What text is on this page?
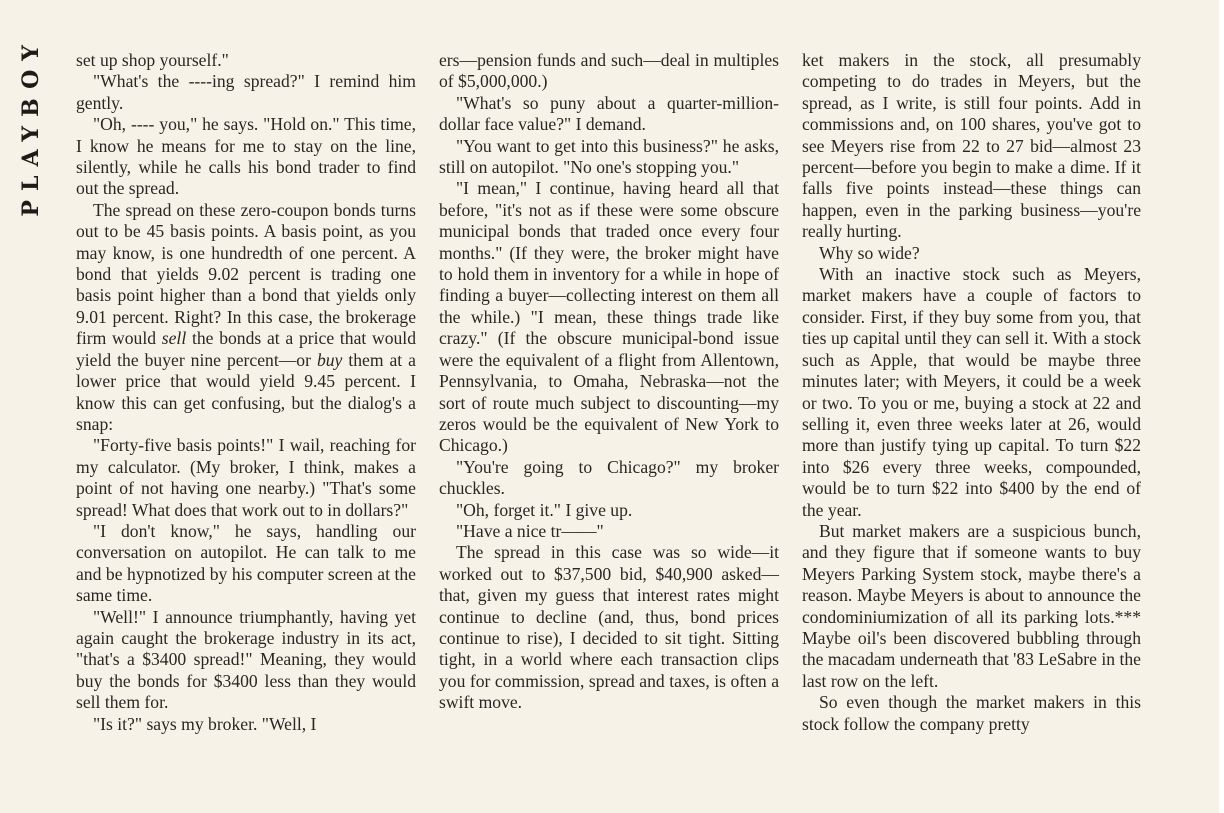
PLAYBOY set up shop yourself."

"What's the ----ing spread?" I remind him gently.

"Oh, ---- you," he says. "Hold on." This time, I know he means for me to stay on the line, silently, while he calls his bond trader to find out the spread.

The spread on these zero-coupon bonds turns out to be 45 basis points. A basis point, as you may know, is one hundredth of one percent. A bond that yields 9.02 percent is trading one basis point higher than a bond that yields only 9.01 percent. Right? In this case, the brokerage firm would sell the bonds at a price that would yield the buyer nine percent—or buy them at a lower price that would yield 9.45 percent. I know this can get confusing, but the dialog's a snap:

"Forty-five basis points!" I wail, reaching for my calculator. (My broker, I think, makes a point of not having one nearby.) "That's some spread! What does that work out to in dollars?"

"I don't know," he says, handling our conversation on autopilot. He can talk to me and be hypnotized by his computer screen at the same time.

"Well!" I announce triumphantly, having yet again caught the brokerage industry in its act, "that's a $3400 spread!" Meaning, they would buy the bonds for $3400 less than they would sell them for.

"Is it?" says my broker. "Well, I

ers—pension funds and such—deal in multiples of $5,000,000.)

"What's so puny about a quarter-million-dollar face value?" I demand.

"You want to get into this business?" he asks, still on autopilot. "No one's stopping you."

"I mean," I continue, having heard all that before, "it's not as if these were some obscure municipal bonds that traded once every four months." (If they were, the broker might have to hold them in inventory for a while in hope of finding a buyer—collecting interest on them all the while.) "I mean, these things trade like crazy." (If the obscure municipal-bond issue were the equivalent of a flight from Allentown, Pennsylvania, to Omaha, Nebraska—not the sort of route much subject to discounting—my zeros would be the equivalent of New York to Chicago.)

"You're going to Chicago?" my broker chuckles.

"Oh, forget it." I give up.

"Have a nice tr——"

The spread in this case was so wide—it worked out to $37,500 bid, $40,900 asked—that, given my guess that interest rates might continue to decline (and, thus, bond prices continue to rise), I decided to sit tight. Sitting tight, in a world where each transaction clips you for commission, spread and taxes, is often a swift move.

ket makers in the stock, all presumably competing to do trades in Meyers, but the spread, as I write, is still four points. Add in commissions and, on 100 shares, you've got to see Meyers rise from 22 to 27 bid—almost 23 percent—before you begin to make a dime. If it falls five points instead—these things can happen, even in the parking business—you're really hurting.

Why so wide?

With an inactive stock such as Meyers, market makers have a couple of factors to consider. First, if they buy some from you, that ties up capital until they can sell it. With a stock such as Apple, that would be maybe three minutes later; with Meyers, it could be a week or two. To you or me, buying a stock at 22 and selling it, even three weeks later at 26, would more than justify tying up capital. To turn $22 into $26 every three weeks, compounded, would be to turn $22 into $400 by the end of the year.

But market makers are a suspicious bunch, and they figure that if someone wants to buy Meyers Parking System stock, maybe there's a reason. Maybe Meyers is about to announce the condominiumization of all its parking lots.*** Maybe oil's been discovered bubbling through the macadam underneath that '83 LeSabre in the last row on the left.

So even though the market makers in this stock follow the company pretty
